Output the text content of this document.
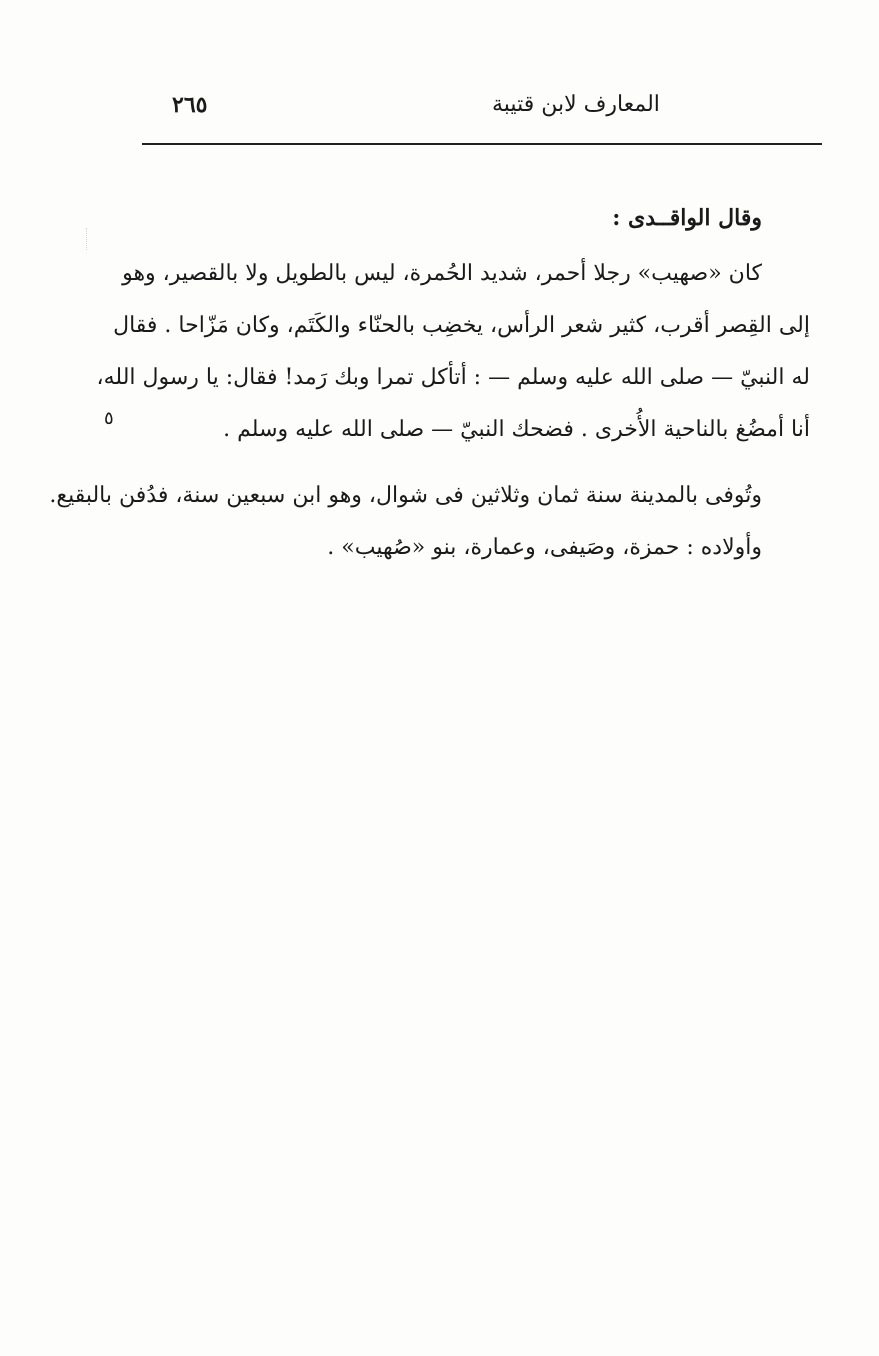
٢٦٥	المعارف لابن قتيبة
٥

وقال الواقــدى :

كان «صهيب» رجلا أحمر، شديد الحُمرة، ليس بالطويل ولا بالقصير، وهو

إلى القِصر أقرب، كثير شعر الرأس، يخضِب بالحنّاء والكَتَم، وكان مَزّاحا . فقال

له النبيّ — صلى الله عليه وسلم — : أتأكل تمرا وبك رَمد! فقال: يا رسول الله،

أنا أمضُغ بالناحية الأُخرى . فضحك النبيّ — صلى الله عليه وسلم .

وتُوفى بالمدينة سنة ثمان وثلاثين فى شوال، وهو ابن سبعين سنة، فدُفن بالبقيع.

وأولاده : حمزة، وصَيفى، وعمارة، بنو «صُهيب» .
